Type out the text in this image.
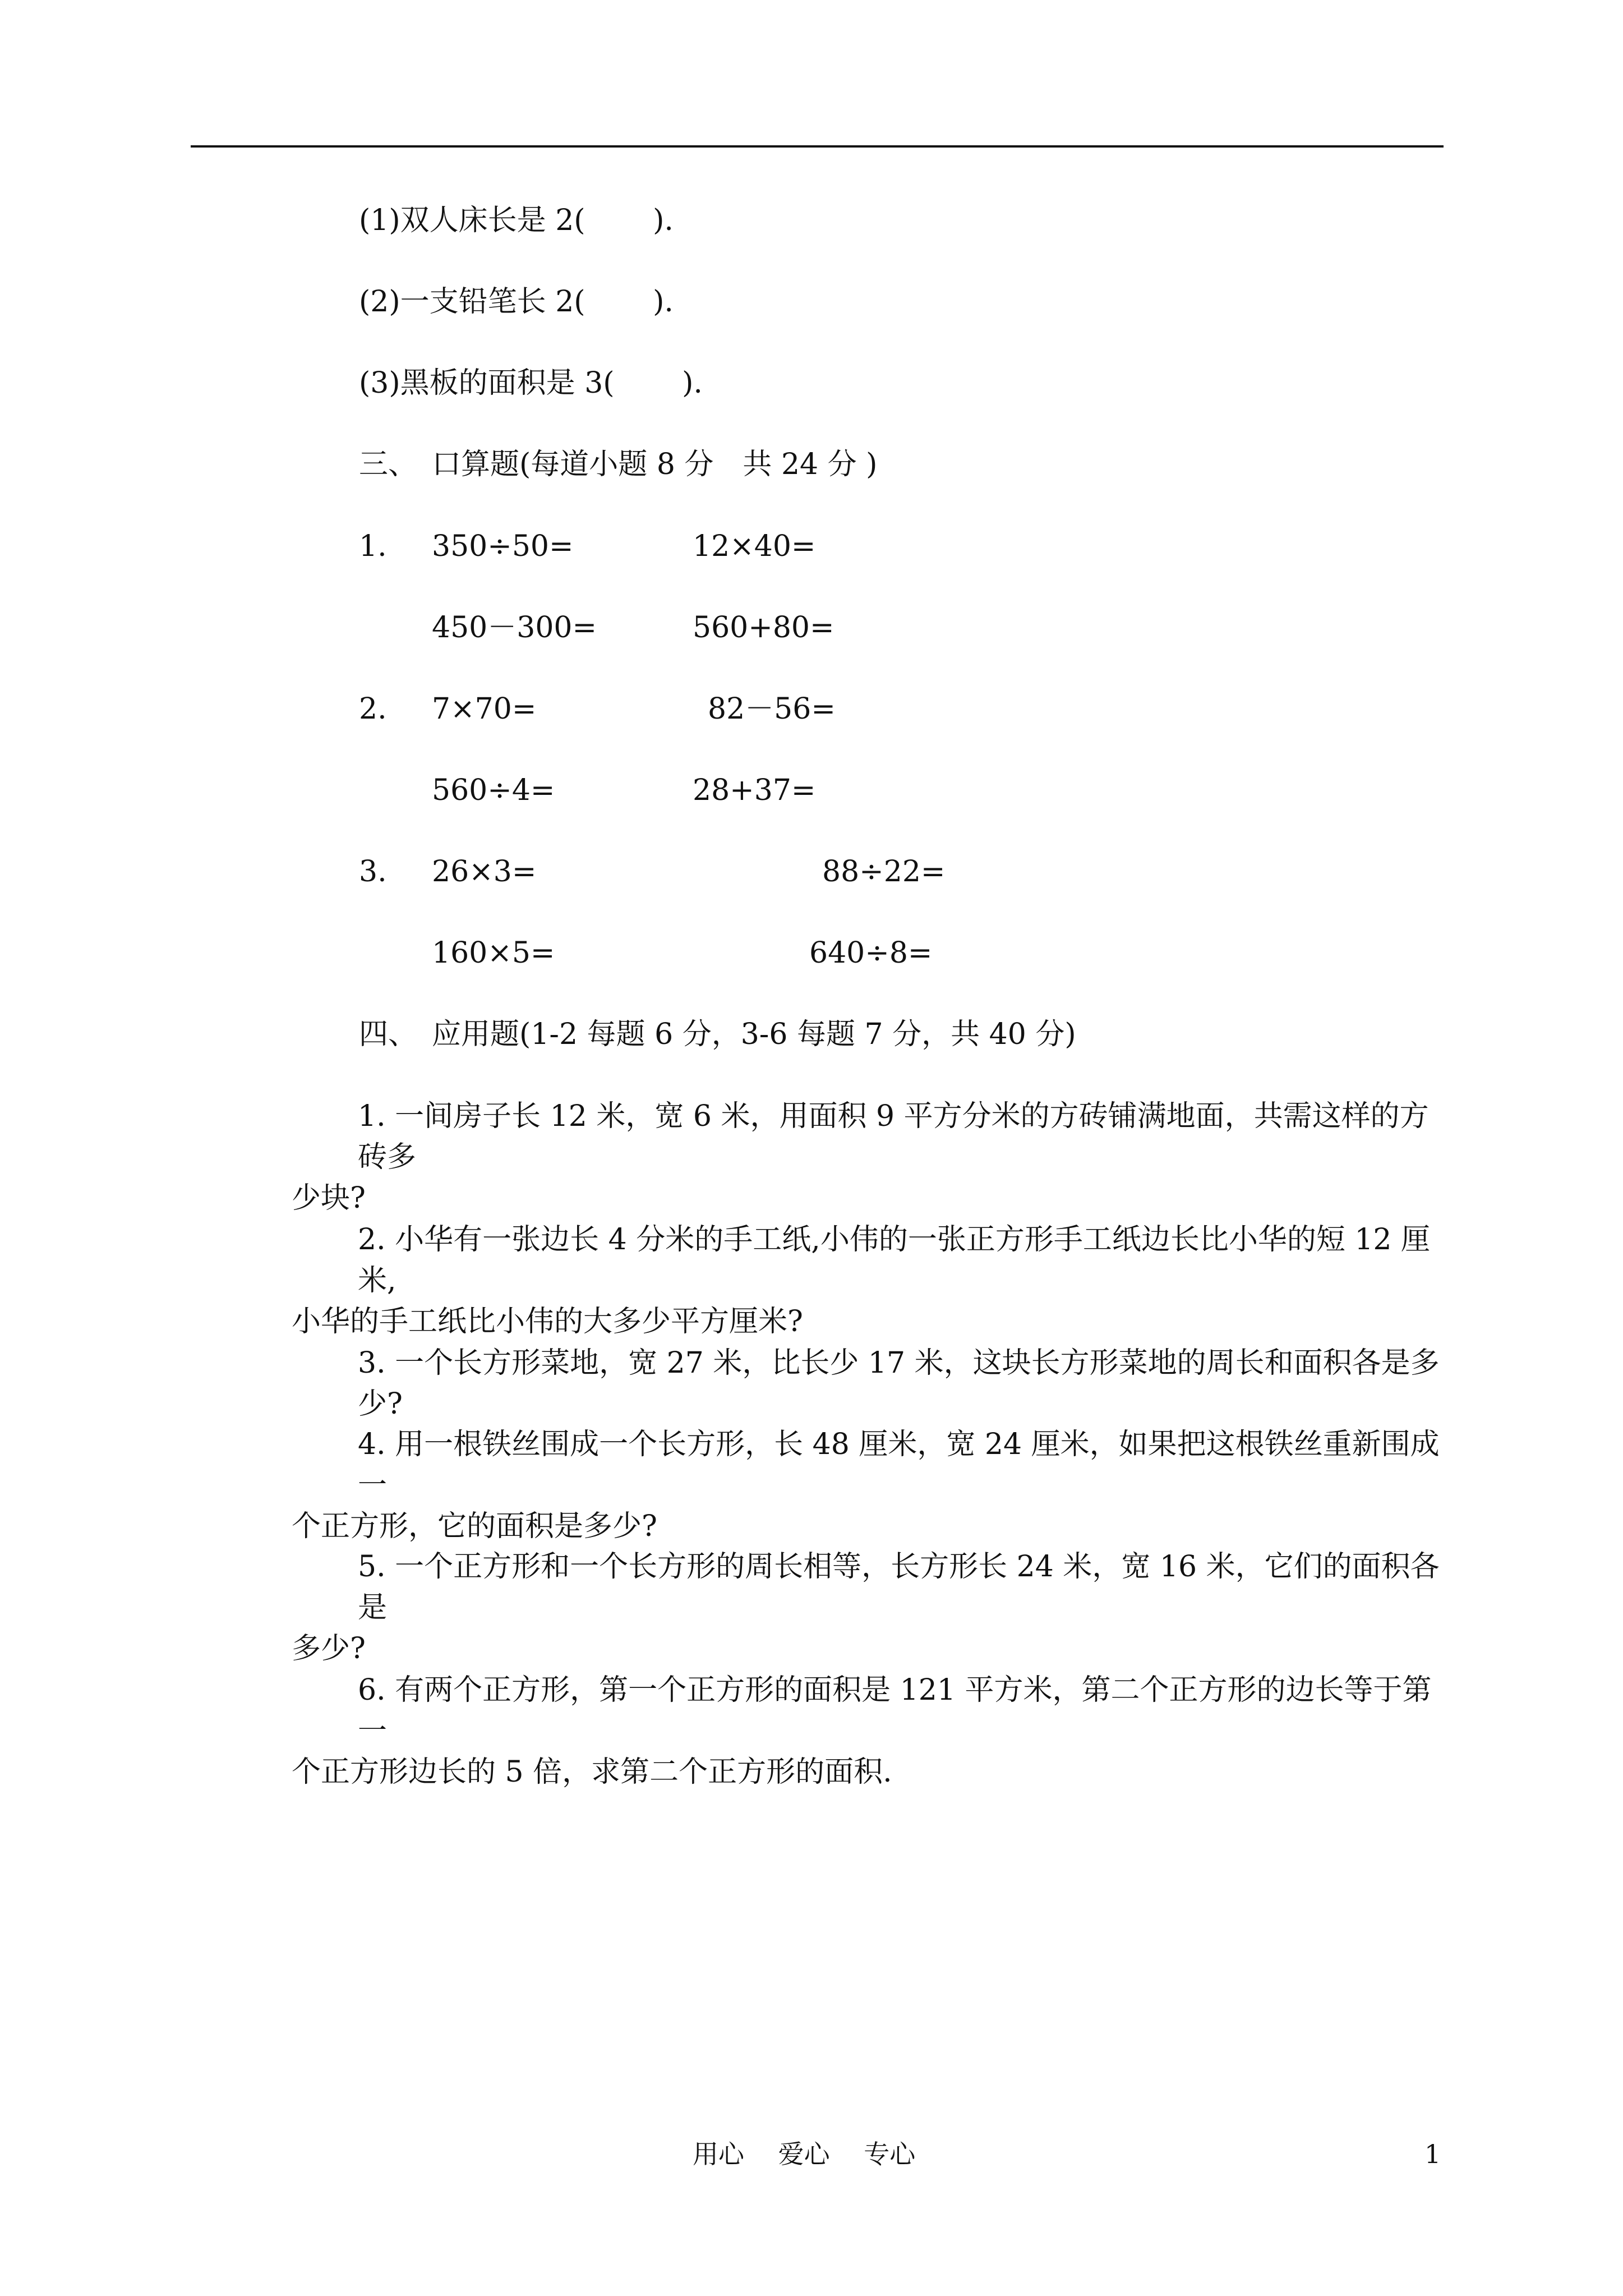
(1)双人床长是 2(　　 ).
(2)一支铅笔长 2(　　 ).
(3)黑板的面积是 3(　　 ).
三、　口算题(每道小题 8 分　共 24 分 )
1. 350÷50=	12×40=
450－300=	560+80=
2. 7×70=	82－56=
560÷4=	28+37=
3. 26×3=	88÷22=
160×5=	640÷8=
四、　应用题(1-2 每题 6 分，3-6 每题 7 分，共 40 分)
1. 一间房子长 12 米，宽 6 米，用面积 9 平方分米的方砖铺满地面，共需这样的方砖多
少块?
2. 小华有一张边长 4 分米的手工纸,小伟的一张正方形手工纸边长比小华的短 12 厘米,
小华的手工纸比小伟的大多少平方厘米?
3. 一个长方形菜地，宽 27 米，比长少 17 米，这块长方形菜地的周长和面积各是多少?
4. 用一根铁丝围成一个长方形，长 48 厘米，宽 24 厘米，如果把这根铁丝重新围成一
个正方形，它的面积是多少?
5. 一个正方形和一个长方形的周长相等，长方形长 24 米，宽 16 米，它们的面积各是
多少?
6. 有两个正方形，第一个正方形的面积是 121 平方米，第二个正方形的边长等于第一
个正方形边长的 5 倍，求第二个正方形的面积.
用心　 爱心　 专心	1
